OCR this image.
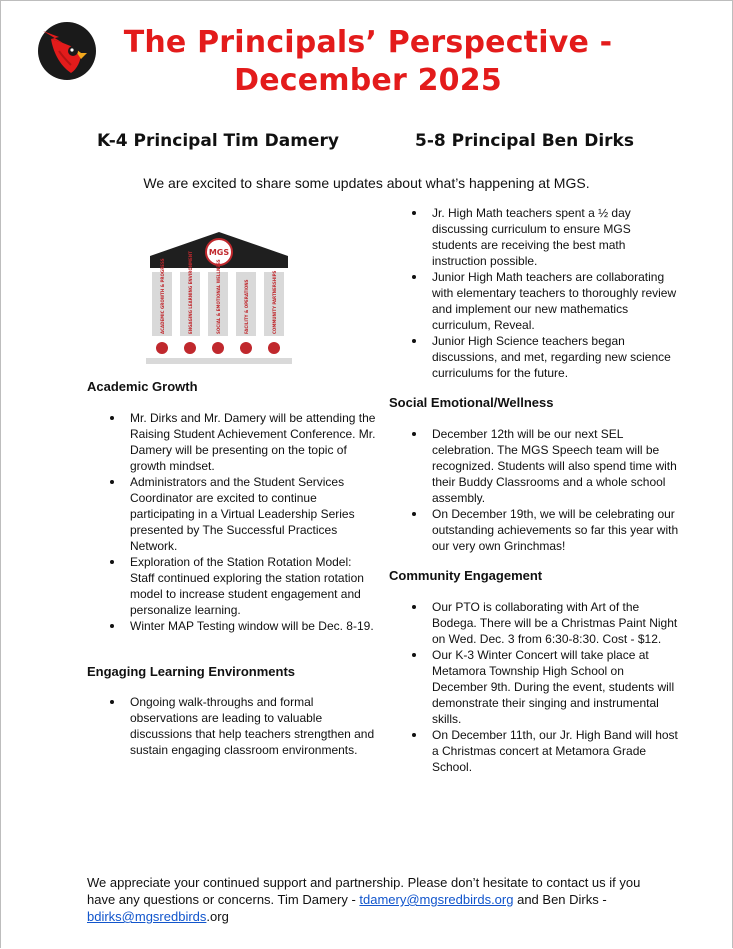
The Principals’ Perspective -
December 2025

K-4 Principal Tim Damery	5-8 Principal Ben Dirks

We are excited to share some updates about what’s happening at MGS.

MGS
ACADEMIC GROWTH & PROGRESS	ENGAGING LEARNING ENVIRONMENT	SOCIAL & EMOTIONAL WELLNESS	FACILITY & OPERATIONS	COMMUNITY PARTNERSHIPS

Academic Growth

Mr. Dirks and Mr. Damery will be attending the Raising Student Achievement Conference. Mr. Damery will be presenting on the topic of growth mindset.
Administrators and the Student Services Coordinator are excited to continue participating in a Virtual Leadership Series presented by The Successful Practices Network.
Exploration of the Station Rotation Model: Staff continued exploring the station rotation model to increase student engagement and personalize learning.
Winter MAP Testing window will be Dec. 8-19.

Engaging Learning Environments

Ongoing walk-throughs and formal observations are leading to valuable discussions that help teachers strengthen and sustain engaging classroom environments.
Jr. High Math teachers spent a ½ day discussing curriculum to ensure MGS students are receiving the best math instruction possible.
Junior High Math teachers are collaborating with elementary teachers to thoroughly review and implement our new mathematics curriculum, Reveal.
Junior High Science teachers began discussions, and met, regarding new science curriculums for the future.

Social Emotional/Wellness

December 12th will be our next SEL celebration. The MGS Speech team will be recognized. Students will also spend time with their Buddy Classrooms and a whole school assembly.
On December 19th, we will be celebrating our outstanding achievements so far this year with our very own Grinchmas!

Community Engagement

Our PTO is collaborating with Art of the Bodega. There will be a Christmas Paint Night on Wed. Dec. 3 from 6:30-8:30. Cost - $12.
Our K-3 Winter Concert will take place at Metamora Township High School on December 9th. During the event, students will demonstrate their singing and instrumental skills.
On December 11th, our Jr. High Band will host a Christmas concert at Metamora Grade School.

We appreciate your continued support and partnership. Please don’t hesitate to contact us if you have any questions or concerns. Tim Damery - tdamery@mgsredbirds.org and Ben Dirks - bdirks@mgsredbirds.org
